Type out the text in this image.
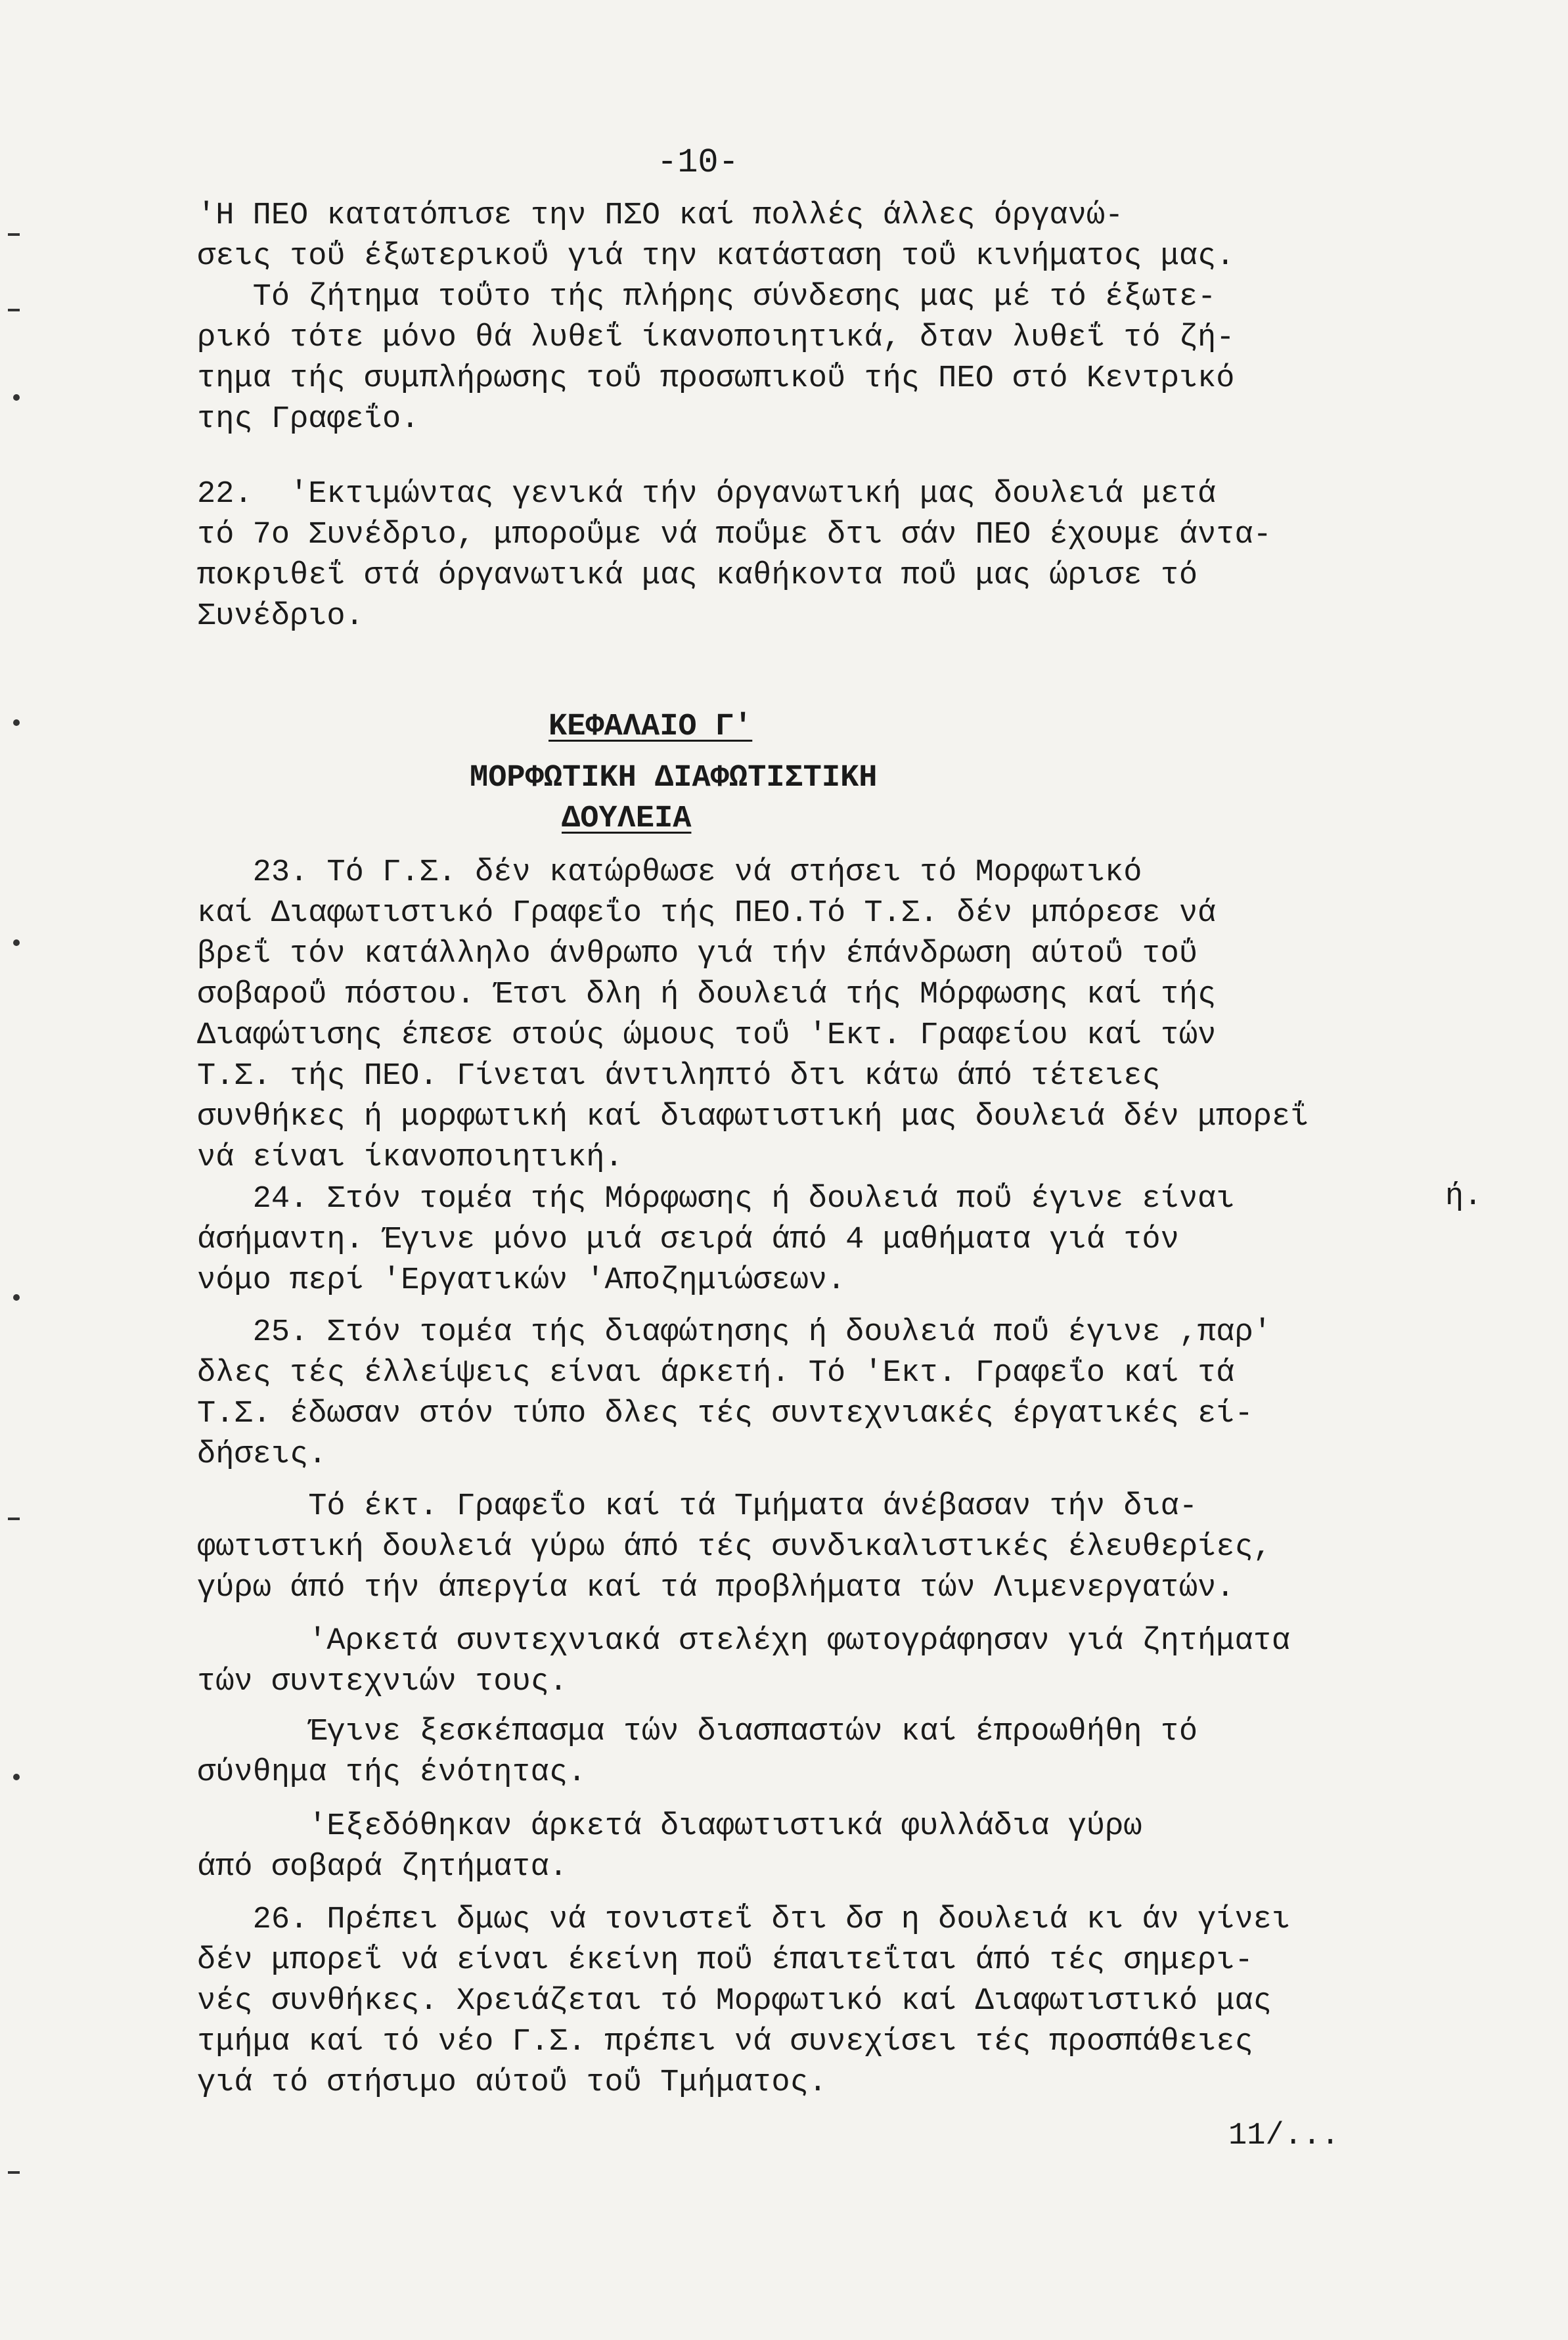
-10-
'Η ΠΕΟ κατατόπισε την ΠΣΟ καί πολλές άλλες όργανώ-
σεις τοΰ έξωτερικοΰ γιά την κατάσταση τοΰ κινήματος μας.
Τό ζήτημα τοΰτο τής πλήρης σύνδεσης μας μέ τό έξωτε-
ρικό τότε μόνο θά λυθεΐ ίκανοποιητικά, δταν λυθεΐ τό ζή-
τημα τής συμπλήρωσης τοΰ προσωπικοΰ τής ΠΕΟ στό Κεντρικό
της Γραφεΐο.
22.  'Εκτιμώντας γενικά τήν όργανωτική μας δουλειά μετά
τό 7ο Συνέδριο, μποροΰμε νά ποΰμε δτι σάν ΠΕΟ έχουμε άντα-
ποκριθεΐ στά όργανωτικά μας καθήκοντα ποΰ μας ώρισε τό
Συνέδριο.
ΚΕΦΑΛΑΙΟ Γ'
ΜΟΡΦΩΤΙΚΗ ΔΙΑΦΩΤΙΣΤΙΚΗ
ΔΟΥΛΕΙΑ
23. Τό Γ.Σ. δέν κατώρθωσε νά στήσει τό Μορφωτικό
καί Διαφωτιστικό Γραφεΐο τής ΠΕΟ.Τό Τ.Σ. δέν μπόρεσε νά
βρεΐ τόν κατάλληλο άνθρωπο γιά τήν έπάνδρωση αύτοΰ τοΰ
σοβαροΰ πόστου. Έτσι δλη ή δουλειά τής Μόρφωσης καί τής
Διαφώτισης έπεσε στούς ώμους τοΰ 'Εκτ. Γραφείου καί τών
Τ.Σ. τής ΠΕΟ. Γίνεται άντιληπτό δτι κάτω άπό τέτειες
συνθήκες ή μορφωτική καί διαφωτιστική μας δουλειά δέν μπορεΐ
νά είναι ίκανοποιητική.
24. Στόν τομέα τής Μόρφωσης ή δουλειά ποΰ έγινε είναι
άσήμαντη. Έγινε μόνο μιά σειρά άπό 4 μαθήματα γιά τόν
νόμο περί 'Εργατικών 'Αποζημιώσεων.
ή.
25. Στόν τομέα τής διαφώτησης ή δουλειά ποΰ έγινε ,παρ'
δλες τές έλλείψεις είναι άρκετή. Τό 'Εκτ. Γραφεΐο καί τά
Τ.Σ. έδωσαν στόν τύπο δλες τές συντεχνιακές έργατικές εί-
δήσεις.
Τό έκτ. Γραφεΐο καί τά Τμήματα άνέβασαν τήν δια-
φωτιστική δουλειά γύρω άπό τές συνδικαλιστικές έλευθερίες,
γύρω άπό τήν άπεργία καί τά προβλήματα τών Λιμενεργατών.
'Αρκετά συντεχνιακά στελέχη φωτογράφησαν γιά ζητήματα
τών συντεχνιών τους.
Έγινε ξεσκέπασμα τών διασπαστών καί έπροωθήθη τό
σύνθημα τής ένότητας.
'Εξεδόθηκαν άρκετά διαφωτιστικά φυλλάδια γύρω
άπό σοβαρά ζητήματα.
26. Πρέπει δμως νά τονιστεΐ δτι δσ η δουλειά κι άν γίνει
δέν μπορεΐ νά είναι έκείνη ποΰ έπαιτεΐται άπό τές σημερι-
νές συνθήκες. Χρειάζεται τό Μορφωτικό καί Διαφωτιστικό μας
τμήμα καί τό νέο Γ.Σ. πρέπει νά συνεχίσει τές προσπάθειες
γιά τό στήσιμο αύτοΰ τοΰ Τμήματος.
11/...
